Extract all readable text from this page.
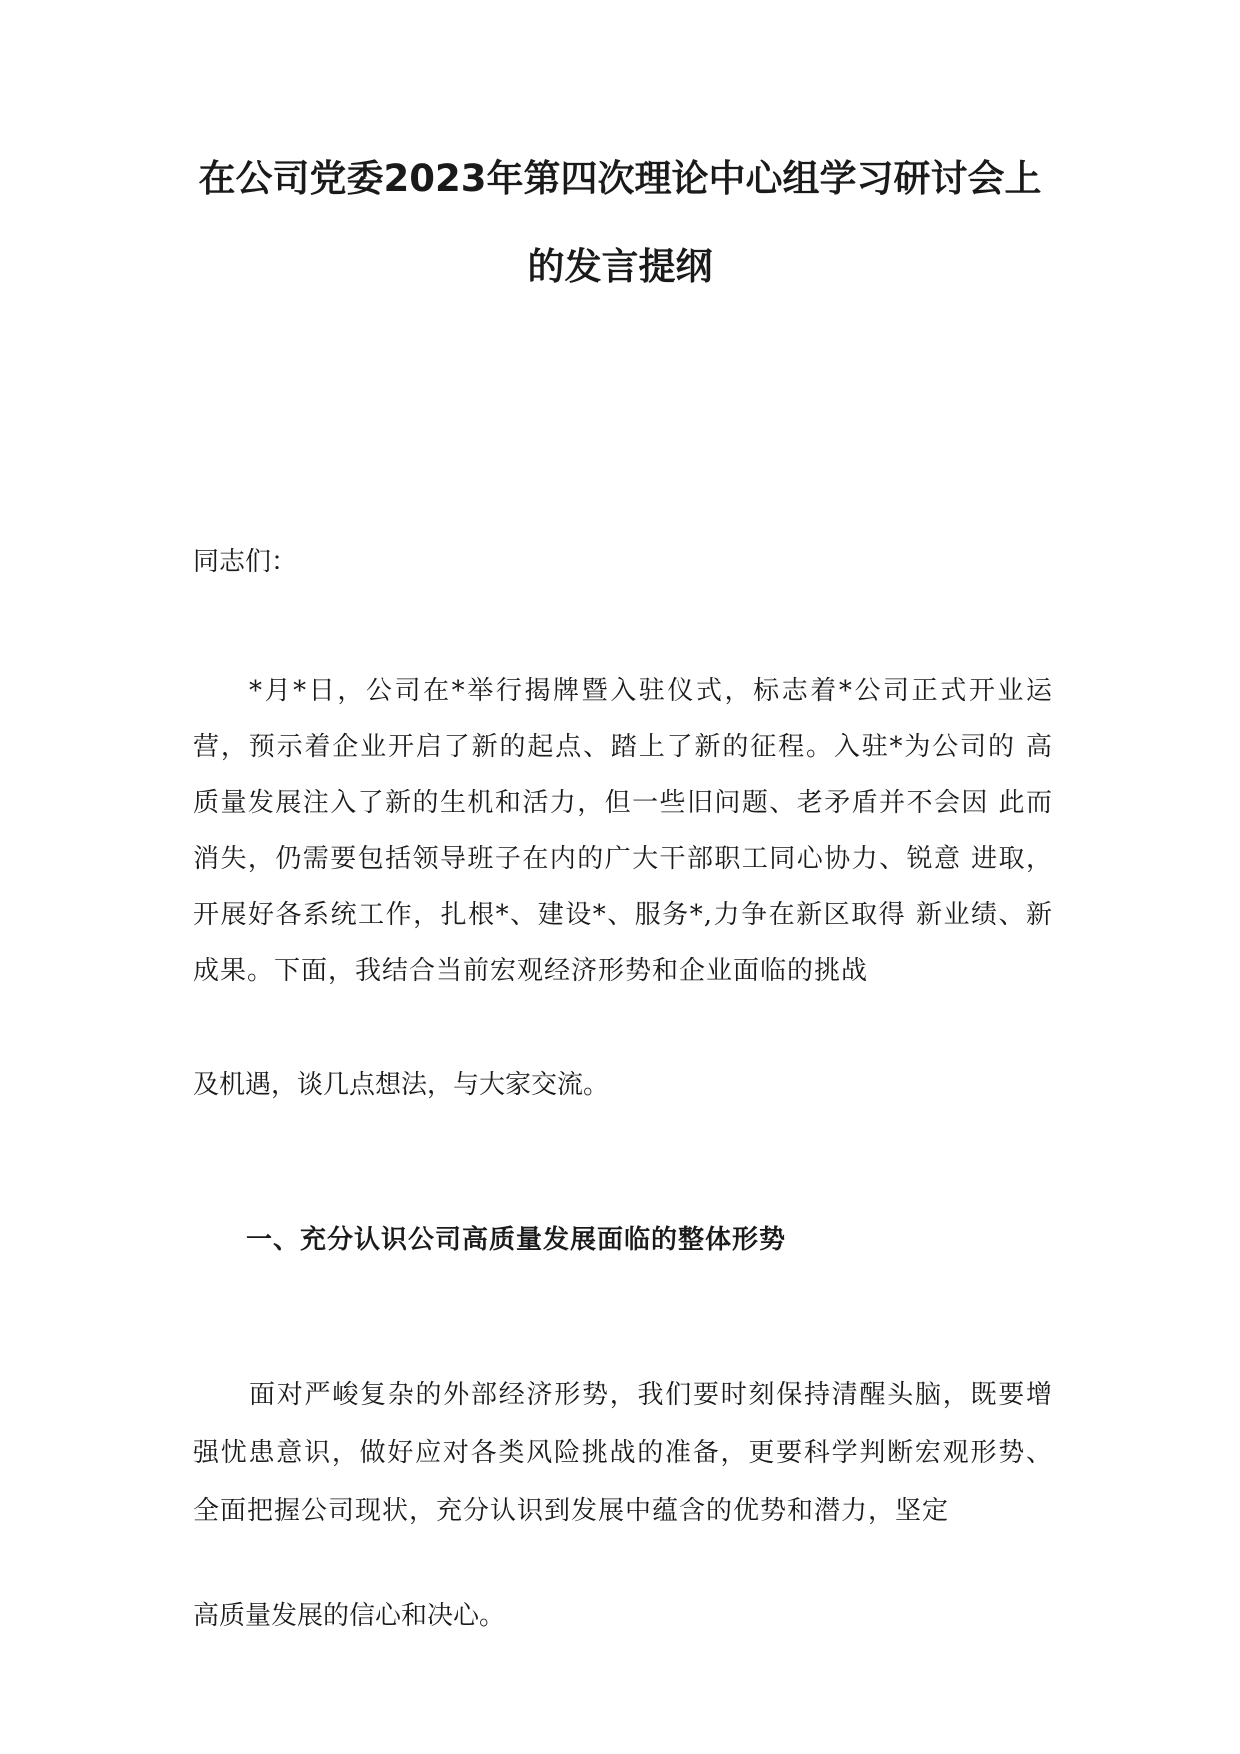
在公司党委2023年第四次理论中心组学习研讨会上
的发言提纲

同志们：

*月*日，公司在*举行揭牌暨入驻仪式，标志着*公司正式开业运 营，预示着企业开启了新的起点、踏上了新的征程。入驻*为公司的 高质量发展注入了新的生机和活力，但一些旧问题、老矛盾并不会因 此而消失，仍需要包括领导班子在内的广大干部职工同心协力、锐意 进取，开展好各系统工作，扎根*、建设*、服务*,力争在新区取得 新业绩、新成果。下面，我结合当前宏观经济形势和企业面临的挑战

及机遇，谈几点想法，与大家交流。

一、充分认识公司高质量发展面临的整体形势

面对严峻复杂的外部经济形势，我们要时刻保持清醒头脑，既要增强忧患意识，做好应对各类风险挑战的准备，更要科学判断宏观形势、全面把握公司现状，充分认识到发展中蕴含的优势和潜力，坚定

高质量发展的信心和决心。
